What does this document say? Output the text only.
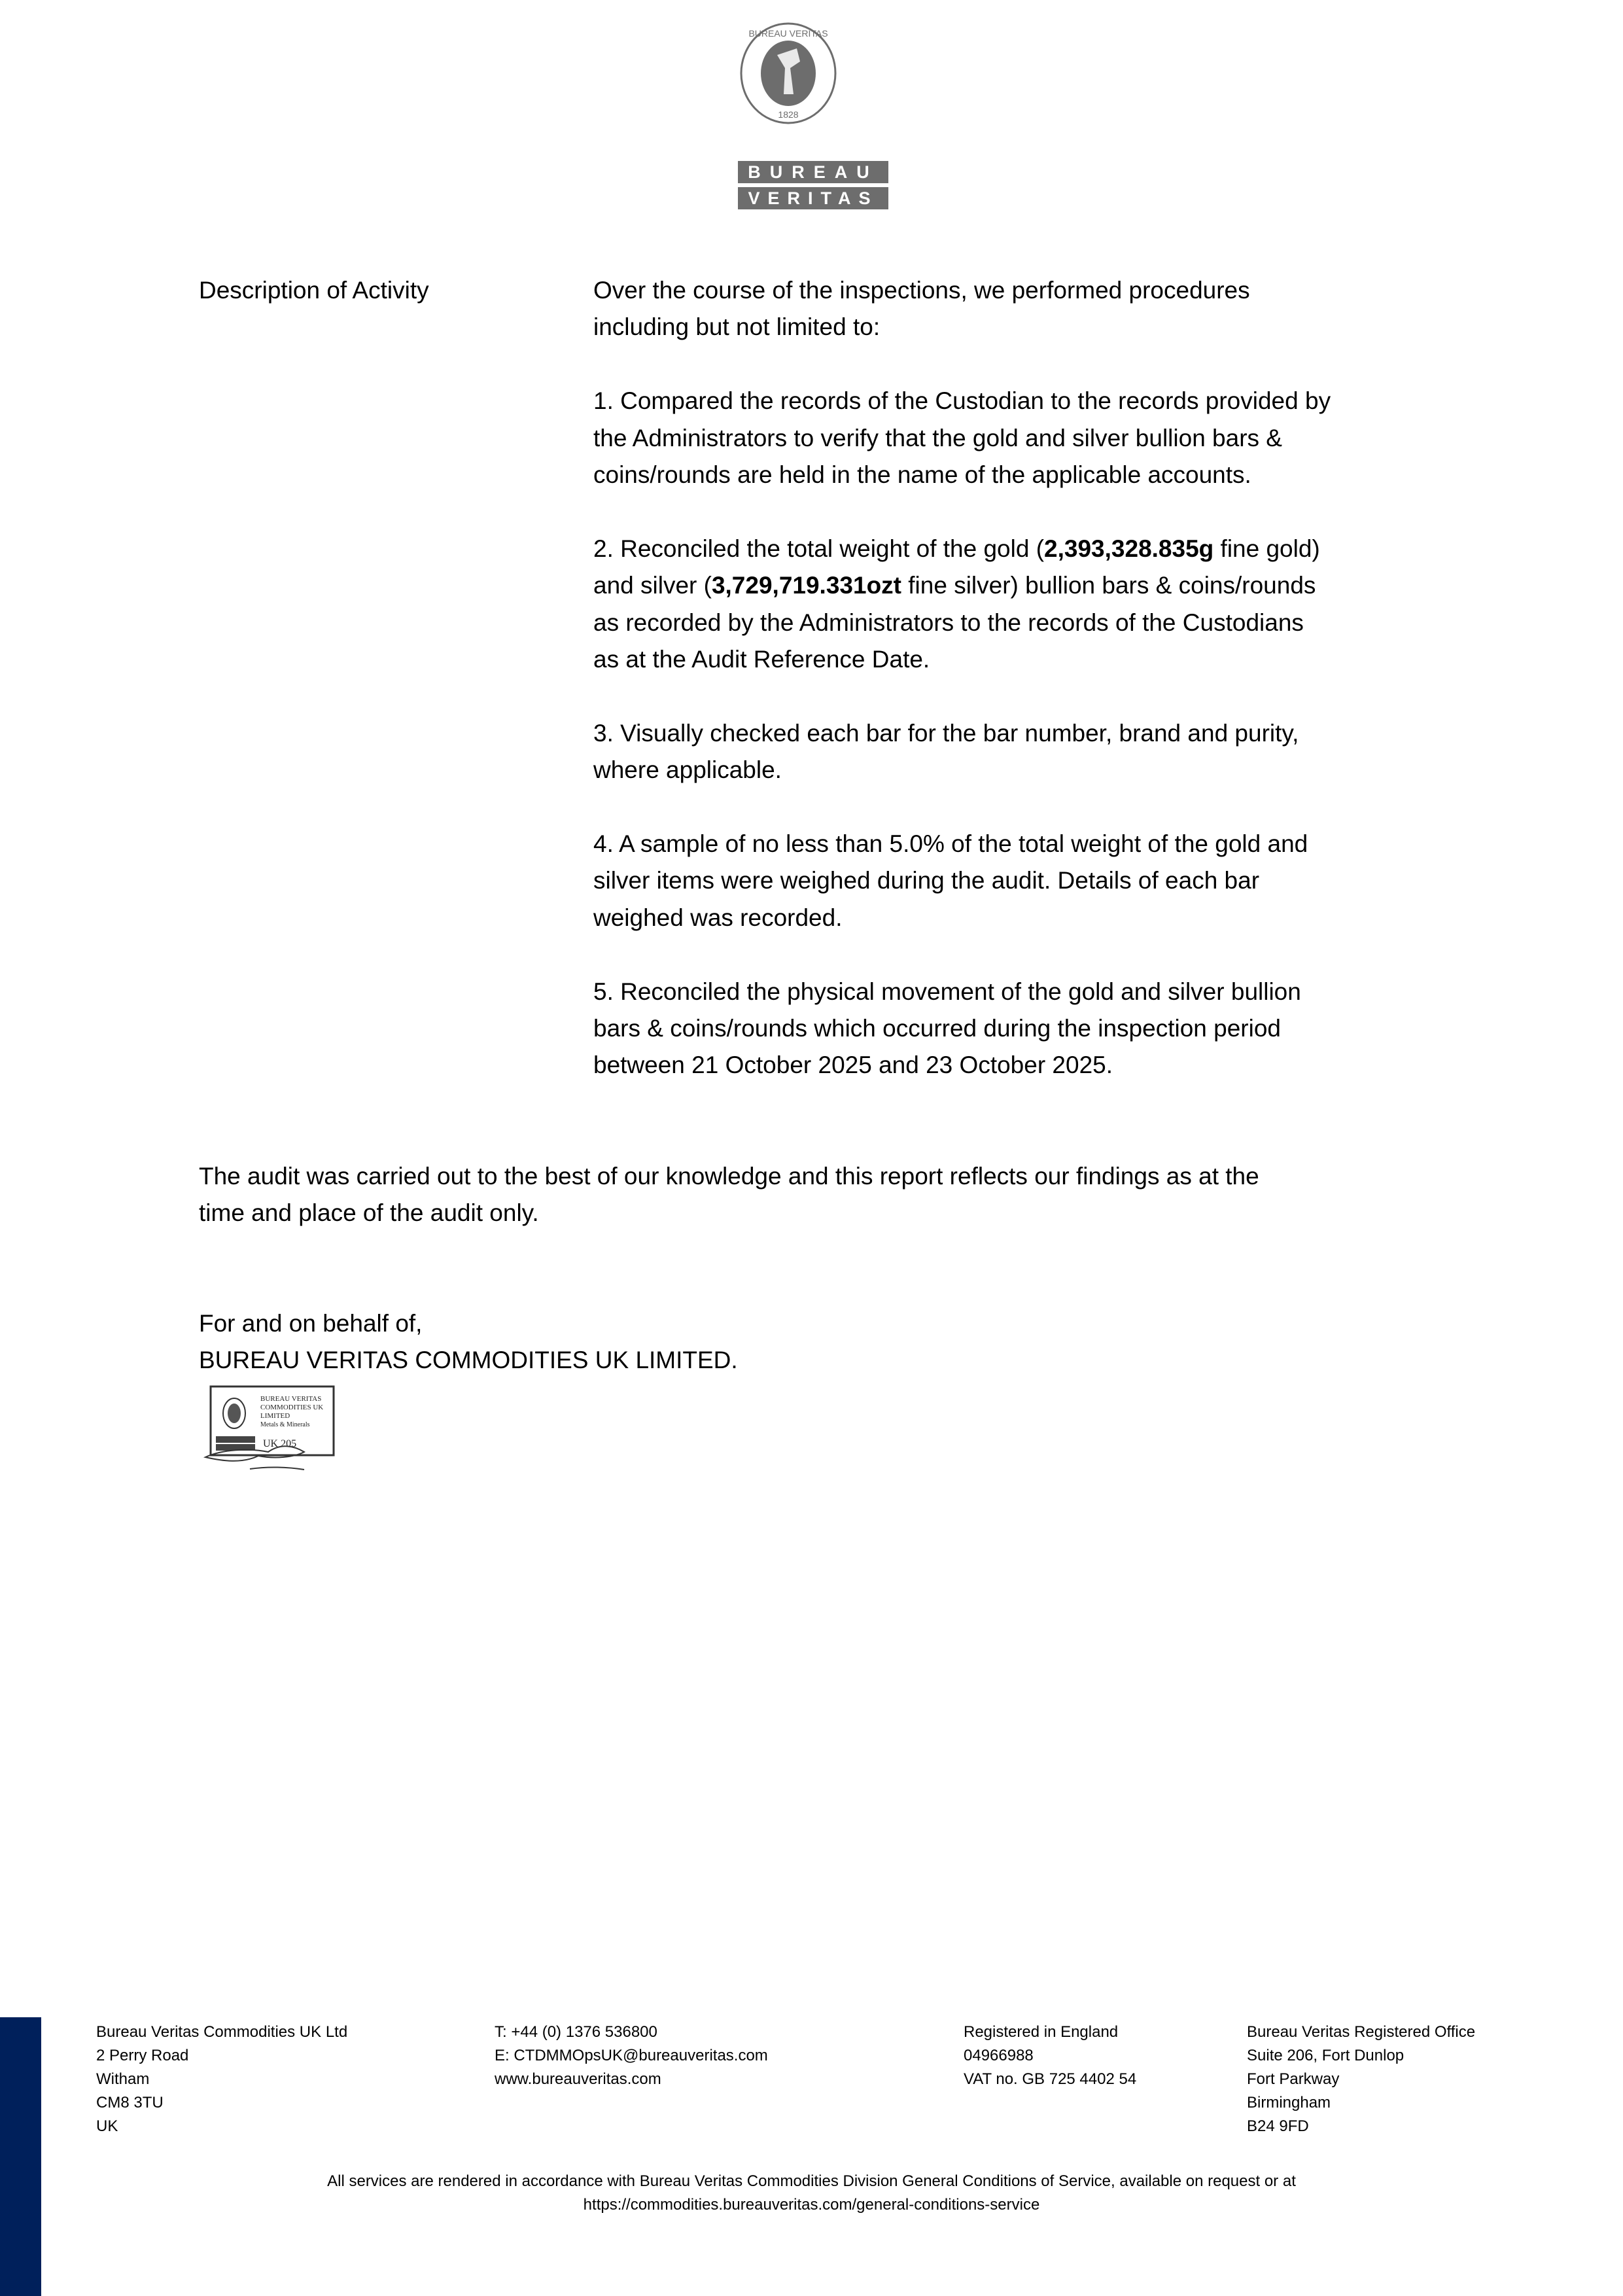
BUREAU VERITAS
1828
BUREAU
VERITAS
Description of Activity	Over the course of the inspections, we performed procedures
including but not limited to:

1. Compared the records of the Custodian to the records provided by
the Administrators to verify that the gold and silver bullion bars &
coins/rounds are held in the name of the applicable accounts.

2. Reconciled the total weight of the gold (2,393,328.835g fine gold)
and silver (3,729,719.331ozt fine silver) bullion bars & coins/rounds
as recorded by the Administrators to the records of the Custodians
as at the Audit Reference Date.

3. Visually checked each bar for the bar number, brand and purity,
where applicable.

4. A sample of no less than 5.0% of the total weight of the gold and
silver items were weighed during the audit. Details of each bar
weighed was recorded.

5. Reconciled the physical movement of the gold and silver bullion
bars & coins/rounds which occurred during the inspection period
between 21 October 2025 and 23 October 2025.

The audit was carried out to the best of our knowledge and this report reflects our findings as at the
time and place of the audit only.
For and on behalf of,
BUREAU VERITAS COMMODITIES UK LIMITED.
BUREAU VERITAS
COMMODITIES UK
LIMITED
Metals & Minerals
UK 205
Bureau Veritas Commodities UK Ltd
2 Perry Road
Witham
CM8 3TU
UK
T: +44 (0) 1376 536800
E: CTDMMOpsUK@bureauveritas.com
www.bureauveritas.com
Registered in England
04966988
VAT no. GB 725 4402 54
Bureau Veritas Registered Office
Suite 206, Fort Dunlop
Fort Parkway
Birmingham
B24 9FD
All services are rendered in accordance with Bureau Veritas Commodities Division General Conditions of Service, available on request or at
https://commodities.bureauveritas.com/general-conditions-service
